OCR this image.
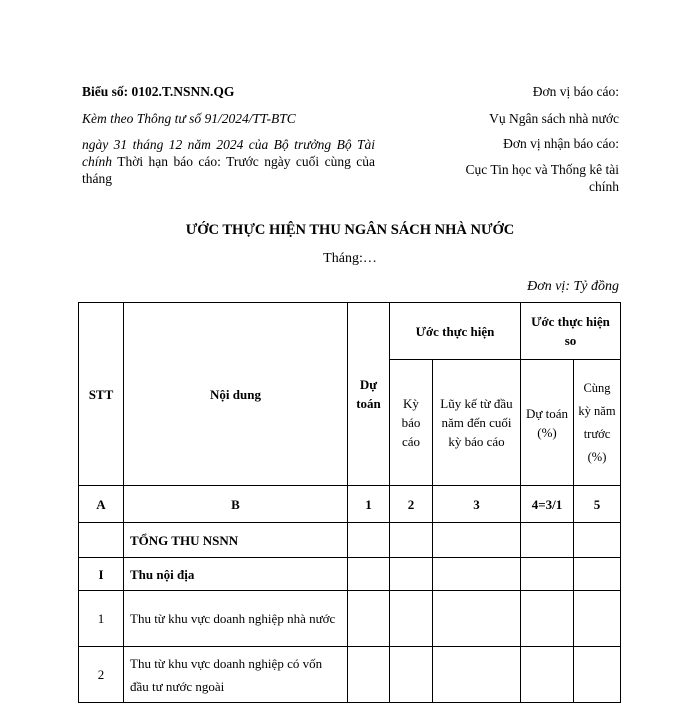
Biểu số: 0102.T.NSNN.QG
Kèm theo Thông tư số 91/2024/TT-BTC
ngày 31 tháng 12 năm 2024 của Bộ trưởng Bộ Tài chính Thời hạn báo cáo: Trước ngày cuối cùng của tháng
Đơn vị báo cáo:
Vụ Ngân sách nhà nước
Đơn vị nhận báo cáo:
Cục Tin học và Thống kê tài chính
ƯỚC THỰC HIỆN THU NGÂN SÁCH NHÀ NƯỚC
Tháng:…
Đơn vị: Tỷ đồng
STT	Nội dung	Dự toán	Ước thực hiện		Ước thực hiện so	
			Kỳ báo cáo	Lũy kế từ đầu năm đến cuối kỳ báo cáo	Dự toán (%)	Cùng kỳ năm trước (%)
A	B	1	2	3	4=3/1	5
	TỔNG THU NSNN					
I	Thu nội địa					
1	Thu từ khu vực doanh nghiệp nhà nước					
2	Thu từ khu vực doanh nghiệp có vốn đầu tư nước ngoài					
